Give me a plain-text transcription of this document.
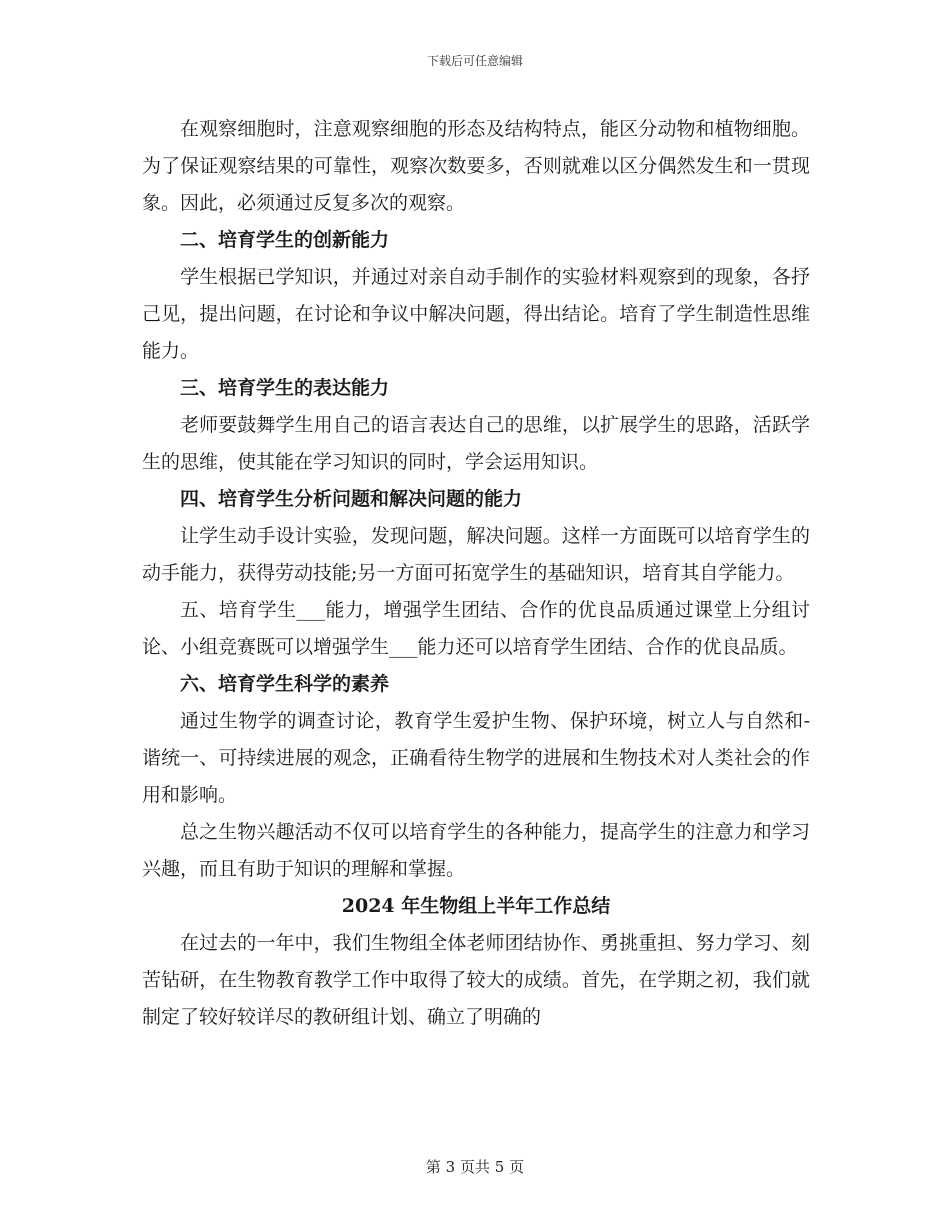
下载后可任意编辑

在观察细胞时，注意观察细胞的形态及结构特点，能区分动物和植物细胞。为了保证观察结果的可靠性，观察次数要多，否则就难以区分偶然发生和一贯现象。因此，必须通过反复多次的观察。

二、培育学生的创新能力

学生根据已学知识，并通过对亲自动手制作的实验材料观察到的现象，各抒己见，提出问题，在讨论和争议中解决问题，得出结论。培育了学生制造性思维能力。

三、培育学生的表达能力

老师要鼓舞学生用自己的语言表达自己的思维，以扩展学生的思路，活跃学生的思维，使其能在学习知识的同时，学会运用知识。

四、培育学生分析问题和解决问题的能力

让学生动手设计实验，发现问题，解决问题。这样一方面既可以培育学生的动手能力，获得劳动技能;另一方面可拓宽学生的基础知识，培育其自学能力。

五、培育学生___能力，增强学生团结、合作的优良品质通过课堂上分组讨论、小组竞赛既可以增强学生___能力还可以培育学生团结、合作的优良品质。

六、培育学生科学的素养

通过生物学的调查讨论，教育学生爱护生物、保护环境，树立人与自然和-谐统一、可持续进展的观念，正确看待生物学的进展和生物技术对人类社会的作用和影响。

总之生物兴趣活动不仅可以培育学生的各种能力，提高学生的注意力和学习兴趣，而且有助于知识的理解和掌握。

2024 年生物组上半年工作总结

在过去的一年中，我们生物组全体老师团结协作、勇挑重担、努力学习、刻苦钻研，在生物教育教学工作中取得了较大的成绩。首先，在学期之初，我们就制定了较好较详尽的教研组计划、确立了明确的

第 3 页共 5 页
